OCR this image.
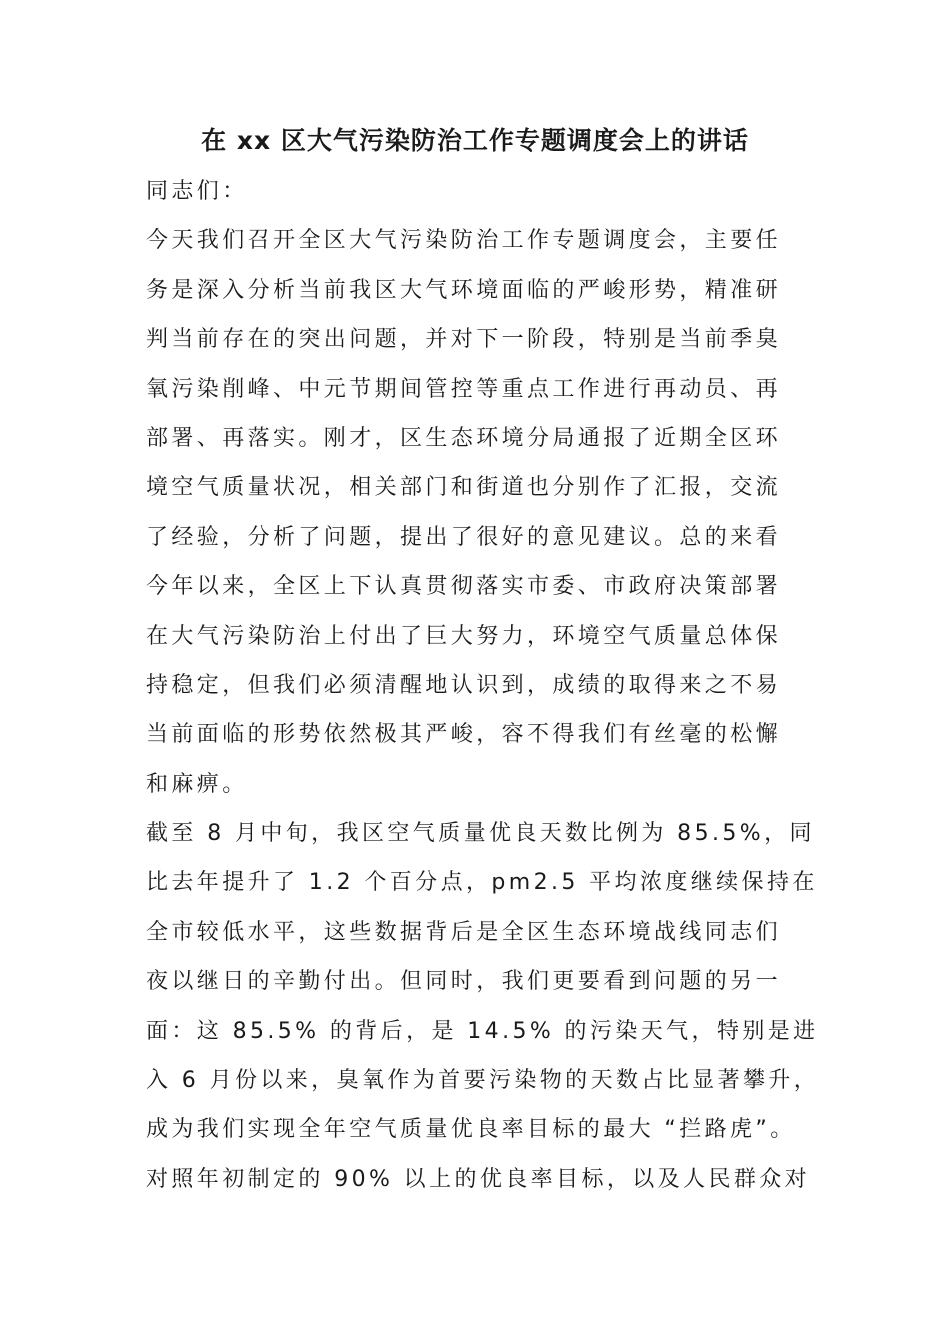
在 xx 区大气污染防治工作专题调度会上的讲话
同志们：
今天我们召开全区大气污染防治工作专题调度会，主要任
务是深入分析当前我区大气环境面临的严峻形势，精准研
判当前存在的突出问题，并对下一阶段，特别是当前季臭
氧污染削峰、中元节期间管控等重点工作进行再动员、再
部署、再落实。刚才，区生态环境分局通报了近期全区环
境空气质量状况，相关部门和街道也分别作了汇报，交流
了经验，分析了问题，提出了很好的意见建议。总的来看
今年以来，全区上下认真贯彻落实市委、市政府决策部署
在大气污染防治上付出了巨大努力，环境空气质量总体保
持稳定，但我们必须清醒地认识到，成绩的取得来之不易
当前面临的形势依然极其严峻，容不得我们有丝毫的松懈
和麻痹。
截至 8 月中旬，我区空气质量优良天数比例为 85.5%，同
比去年提升了 1.2 个百分点，pm2.5 平均浓度继续保持在
全市较低水平，这些数据背后是全区生态环境战线同志们
夜以继日的辛勤付出。但同时，我们更要看到问题的另一
面：这 85.5% 的背后，是 14.5% 的污染天气，特别是进
入 6 月份以来，臭氧作为首要污染物的天数占比显著攀升，
成为我们实现全年空气质量优良率目标的最大 “拦路虎”。
对照年初制定的 90% 以上的优良率目标，以及人民群众对
